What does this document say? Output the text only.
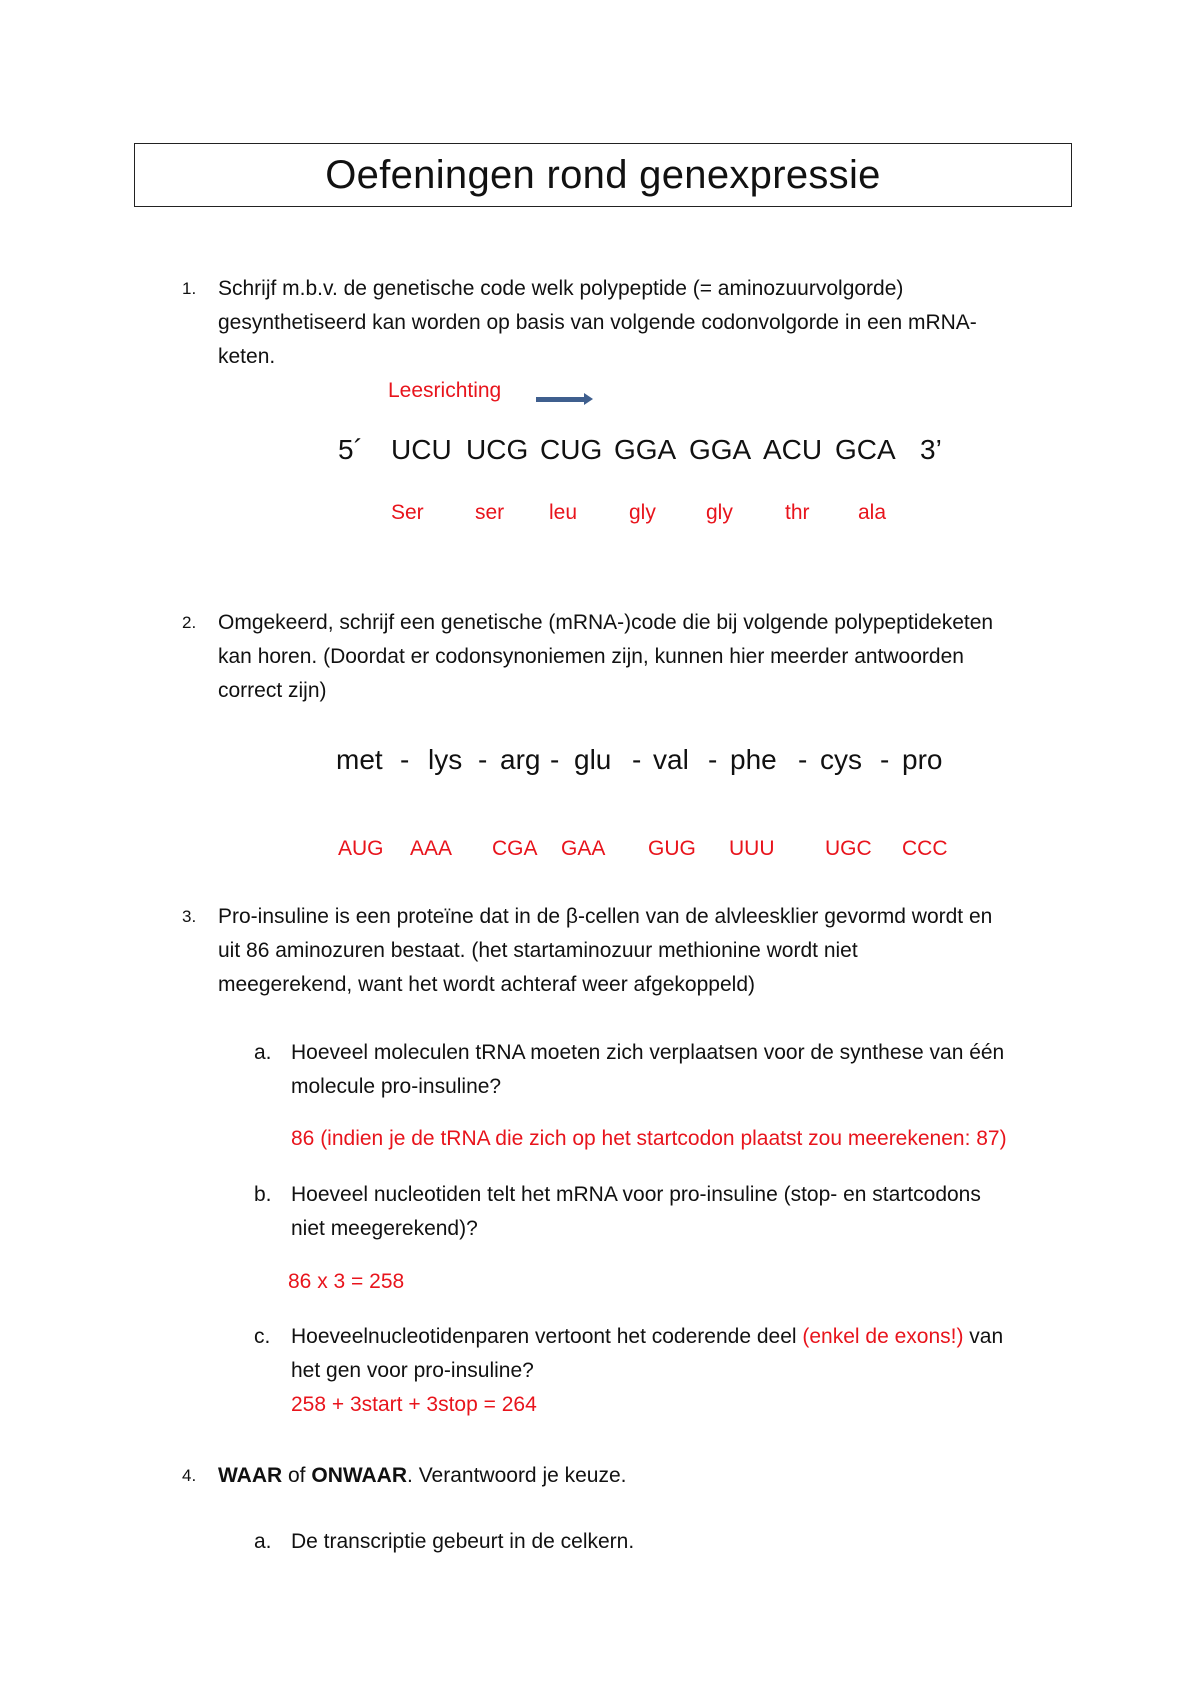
Oefeningen rond genexpressie
1. Schrijf m.b.v. de genetische code welk polypeptide (= aminozuurvolgorde)
gesynthetiseerd kan worden op basis van volgende codonvolgorde in een mRNA-
keten.
Leesrichting
5´ UCU UCG CUG GGA GGA ACU GCA 3’
Ser ser leu gly gly thr ala
2. Omgekeerd, schrijf een genetische (mRNA-)code die bij volgende polypeptideketen
kan horen. (Doordat er codonsynoniemen zijn, kunnen hier meerder antwoorden
correct zijn)
met - lys - arg - glu - val - phe - cys - pro
AUG AAA CGA GAA GUG UUU UGC CCC
3. Pro-insuline is een proteïne dat in de β-cellen van de alvleesklier gevormd wordt en
uit 86 aminozuren bestaat. (het startaminozuur methionine wordt niet
meegerekend, want het wordt achteraf weer afgekoppeld)
a. Hoeveel moleculen tRNA moeten zich verplaatsen voor de synthese van één
molecule pro-insuline?
86 (indien je de tRNA die zich op het startcodon plaatst zou meerekenen: 87)
b. Hoeveel nucleotiden telt het mRNA voor pro-insuline (stop- en startcodons
niet meegerekend)?
86 x 3 = 258
c. Hoeveelnucleotidenparen vertoont het coderende deel (enkel de exons!) van
het gen voor pro-insuline?
258 + 3start + 3stop = 264
4. WAAR of ONWAAR. Verantwoord je keuze.
a. De transcriptie gebeurt in de celkern.
